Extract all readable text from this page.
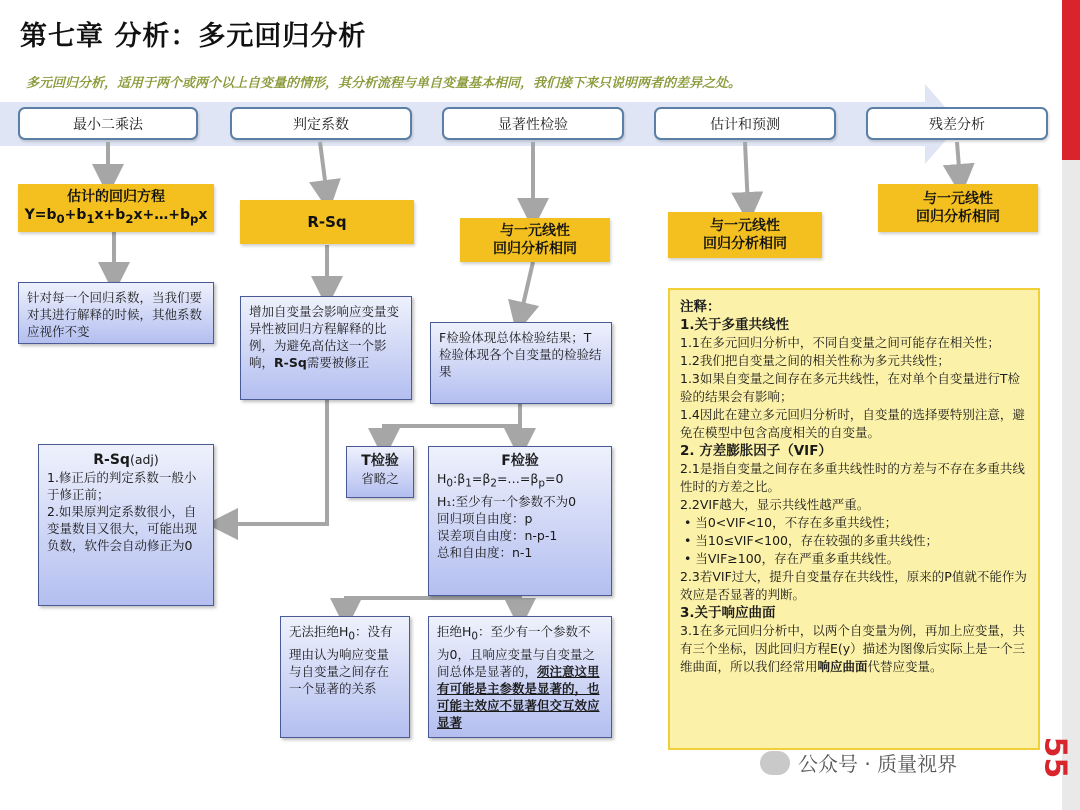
第七章 分析：多元回归分析
多元回归分析，适用于两个或两个以上自变量的情形，其分析流程与单自变量基本相同，我们接下来只说明两者的差异之处。
最小二乘法	判定系数	显著性检验	估计和预测	残差分析
估计的回归方程
$Y=b_0+b_1x+b_2x+\dots+b_px$	R-Sq	与一元线性
回归分析相同
与一元线性
回归分析相同
与一元线性
回归分析相同
针对每一个回归系数，当我们要对其进行解释的时候，其他系数应视作不变
增加自变量会影响应变量变异性被回归方程解释的比例，为避免高估这一个影响，R-Sq需要被修正
F检验体现总体检验结果；T检验体现各个自变量的检验结果
R-Sq(adj)
1.修正后的判定系数一般小于修正前；
2.如果原判定系数很小，自变量数目又很大，可能出现负数，软件会自动修正为0
T检验
省略之
F检验
$H_0:\beta_1=\beta_2=\dots=\beta_p=0$
H₁:至少有一个参数不为0
回归项自由度：p
误差项自由度：n-p-1
总和自由度：n-1
无法拒绝$H_0$：没有理由认为响应变量与自变量之间存在一个显著的关系
拒绝$H_0$：至少有一个参数不为0，且响应变量与自变量之间总体是显著的，须注意这里有可能是主参数是显著的，也可能主效应不显著但交互效应显著
注释：
1.关于多重共线性
1.1在多元回归分析中，不同自变量之间可能存在相关性；
1.2我们把自变量之间的相关性称为多元共线性；
1.3如果自变量之间存在多元共线性，在对单个自变量进行T检验的结果会有影响；
1.4因此在建立多元回归分析时，自变量的选择要特别注意，避免在模型中包含高度相关的自变量。
2. 方差膨胀因子（VIF）
2.1是指自变量之间存在多重共线性时的方差与不存在多重共线性时的方差之比。
2.2VIF越大，显示共线性越严重。
• 当0<VIF<10，不存在多重共线性；
• 当10≤VIF<100，存在较强的多重共线性；
• 当VIF≥100，存在严重多重共线性。
2.3若VIF过大，提升自变量存在共线性，原来的P值就不能作为效应是否显著的判断。
3.关于响应曲面
3.1在多元回归分析中，以两个自变量为例，再加上应变量，共有三个坐标，因此回归方程E(y）描述为图像后实际上是一个三维曲面，所以我们经常用响应曲面代替应变量。
公众号 · 质量视界	55
